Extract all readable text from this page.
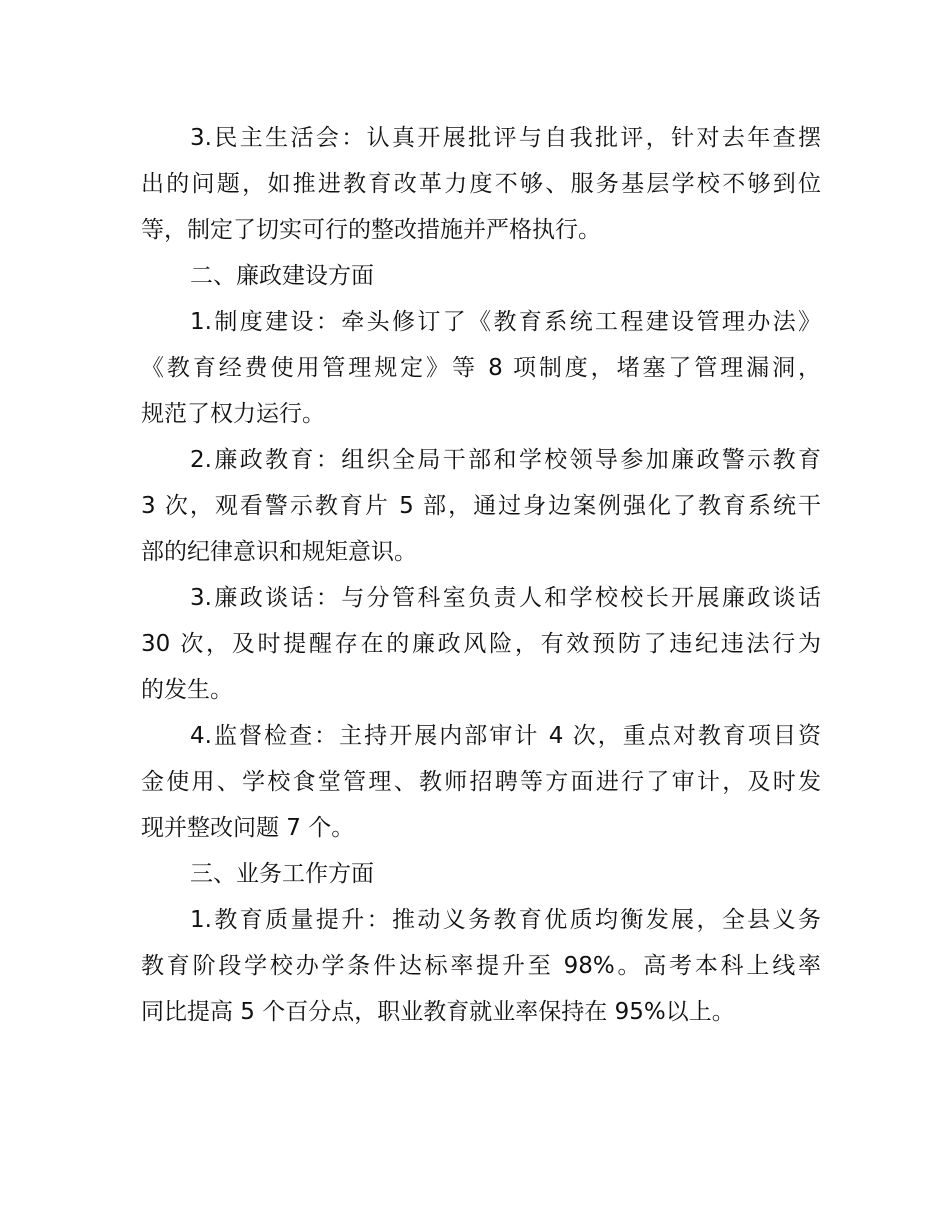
3.民主生活会：认真开展批评与自我批评，针对去年查摆
出的问题，如推进教育改革力度不够、服务基层学校不够到位
等，制定了切实可行的整改措施并严格执行。
二、廉政建设方面
1.制度建设：牵头修订了《教育系统工程建设管理办法》
《教育经费使用管理规定》等 8 项制度，堵塞了管理漏洞，
规范了权力运行。
2.廉政教育：组织全局干部和学校领导参加廉政警示教育
3 次，观看警示教育片 5 部，通过身边案例强化了教育系统干
部的纪律意识和规矩意识。
3.廉政谈话：与分管科室负责人和学校校长开展廉政谈话
30 次，及时提醒存在的廉政风险，有效预防了违纪违法行为
的发生。
4.监督检查：主持开展内部审计 4 次，重点对教育项目资
金使用、学校食堂管理、教师招聘等方面进行了审计，及时发
现并整改问题 7 个。
三、业务工作方面
1.教育质量提升：推动义务教育优质均衡发展，全县义务
教育阶段学校办学条件达标率提升至 98%。高考本科上线率
同比提高 5 个百分点，职业教育就业率保持在 95%以上。
